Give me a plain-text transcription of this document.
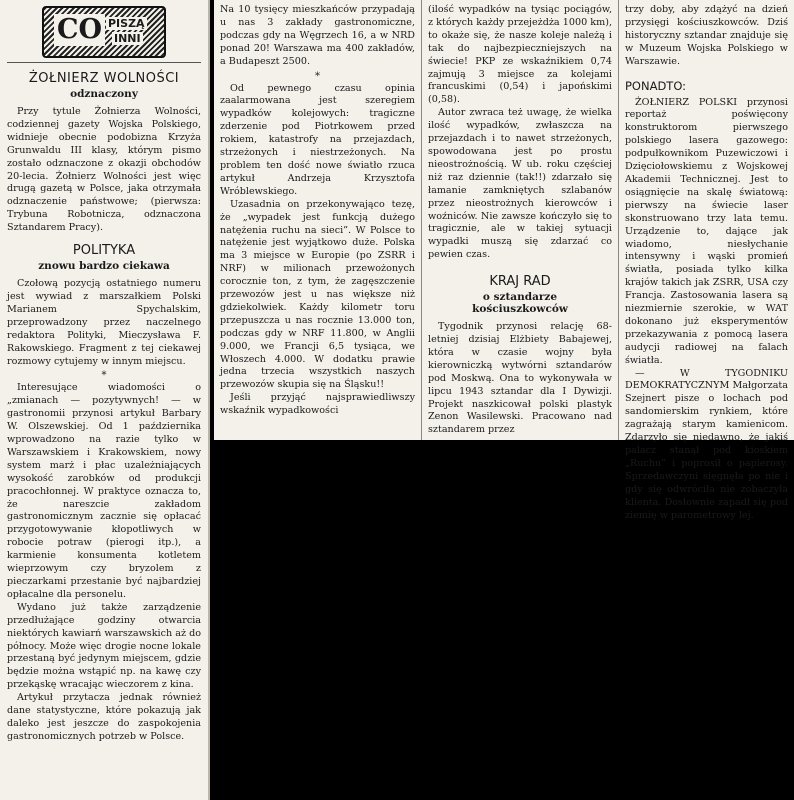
CO PISZĄ
INNI
ŻOŁNIERZ WOLNOŚCI
odznaczony

Przy tytule Żołnierza Wolności, codziennej gazety Wojska Polskiego, widnieje obecnie podobizna Krzyża Grunwaldu III klasy, którym pismo zostało odznaczone z okazji obchodów 20-lecia. Żołnierz Wolności jest więc drugą gazetą w Polsce, jaka otrzymała odznaczenie państwowe; (pierwsza: Trybuna Robotnicza, odznaczona Sztandarem Pracy).

POLITYKA
znowu bardzo ciekawa

Czołową pozycją ostatniego numeru jest wywiad z marszałkiem Polski Marianem Spychalskim, przeprowadzony przez naczelnego redaktora Polityki, Mieczysława F. Rakowskiego. Fragment z tej ciekawej rozmowy cytujemy w innym miejscu.

*

Interesujące wiadomości o „zmianach — pozytywnych! — w gastronomii przynosi artykuł Barbary W. Olszewskiej. Od 1 października wprowadzono na razie tylko w Warszawskiem i Krakowskiem, nowy system marż i płac uzależniających wysokość zarobków od produkcji pracochłonnej. W praktyce oznacza to, że nareszcie zakładom gastronomicznym zacznie się opłacać przygotowywanie kłopotliwych w robocie potraw (pierogi itp.), a karmienie konsumenta kotletem wieprzowym czy bryzolem z pieczarkami przestanie być najbardziej opłacalne dla personelu.

Wydano już także zarządzenie przedłużające godziny otwarcia niektórych kawiarń warszawskich aż do północy. Może więc drogie nocne lokale przestaną być jedynym miejscem, gdzie będzie można wstąpić np. na kawę czy przekąskę wracając wieczorem z kina.

Artykuł przytacza jednak również dane statystyczne, które pokazują jak daleko jest jeszcze do zaspokojenia gastronomicznych potrzeb w Polsce.

Na 10 tysięcy mieszkańców przypadają u nas 3 zakłady gastronomiczne, podczas gdy na Węgrzech 16, a w NRD ponad 20! Warszawa ma 400 zakładów, a Budapeszt 2500.

*

Od pewnego czasu opinia zaalarmowana jest szeregiem wypadków kolejowych: tragiczne zderzenie pod Piotrkowem przed rokiem, katastrofy na przejazdach, strzeżonych i niestrzeżonych. Na problem ten dość nowe światło rzuca artykuł Andrzeja Krzysztofa Wróblewskiego.

Uzasadnia on przekonywająco tezę, że „wypadek jest funkcją dużego natężenia ruchu na sieci”. W Polsce to natężenie jest wyjątkowo duże. Polska ma 3 miejsce w Europie (po ZSRR i NRF) w milionach przewożonych corocznie ton, z tym, że zagęszczenie przewozów jest u nas większe niż gdziekolwiek. Każdy kilometr toru przepuszcza u nas rocznie 13.000 ton, podczas gdy w NRF 11.800, w Anglii 9.000, we Francji 6,5 tysiąca, we Włoszech 4.000. W dodatku prawie jedna trzecia wszystkich naszych przewozów skupia się na Śląsku!!

Jeśli przyjąć najsprawiedliwszy wskaźnik wypadkowości

(ilość wypadków na tysiąc pociągów, z których każdy przejeżdża 1000 km), to okaże się, że nasze koleje należą i tak do najbezpieczniejszych na świecie! PKP ze wskaźnikiem 0,74 zajmują 3 miejsce za kolejami francuskimi (0,54) i japońskimi (0,58).

Autor zwraca też uwagę, że wielka ilość wypadków, zwłaszcza na przejazdach i to nawet strzeżonych, spowodowana jest po prostu nieostrożnością. W ub. roku częściej niż raz dziennie (tak!!) zdarzało się łamanie zamkniętych szlabanów przez nieostrożnych kierowców i woźniców. Nie zawsze kończyło się to tragicznie, ale w takiej sytuacji wypadki muszą się zdarzać co pewien czas.

KRAJ RAD
o sztandarze kościuszkowców

Tygodnik przynosi relację 68-letniej dzisiaj Elżbiety Babajewej, która w czasie wojny była kierowniczką wytwórni sztandarów pod Moskwą. Ona to wykonywała w lipcu 1943 sztandar dla I Dywizji. Projekt naszkicował polski plastyk Zenon Wasilewski. Pracowano nad sztandarem przez

trzy doby, aby zdążyć na dzień przysięgi kościuszkowców. Dziś historyczny sztandar znajduje się w Muzeum Wojska Polskiego w Warszawie.

PONADTO:

ŻOŁNIERZ POLSKI przynosi reportaż poświęcony konstruktorom pierwszego polskiego lasera gazowego: podpułkownikom Puzewiczowi i Dzięciołowskiemu z Wojskowej Akademii Technicznej. Jest to osiągnięcie na skalę światową: pierwszy na świecie laser skonstruowano trzy lata temu. Urządzenie to, dające jak wiadomo, niesłychanie intensywny i wąski promień światła, posiada tylko kilka krajów takich jak ZSRR, USA czy Francja. Zastosowania lasera są niezmiernie szerokie, w WAT dokonano już eksperymentów przekazywania z pomocą lasera audycji radiowej na falach światła.

— W TYGODNIKU DEMOKRATYCZNYM Małgorzata Szejnert pisze o lochach pod sandomierskim rynkiem, które zagrażają starym kamienicom. Zdarzyło się niedawno, że jakiś palacz stanął pod kioskiem „Ruchu” i poprosił o papierosy. Sprzedawczyni sięgnęła po nie i gdy się odwróciła nie zobaczyła klienta. Dosłownie zapadł się pod ziemię w parometrowy lej.
